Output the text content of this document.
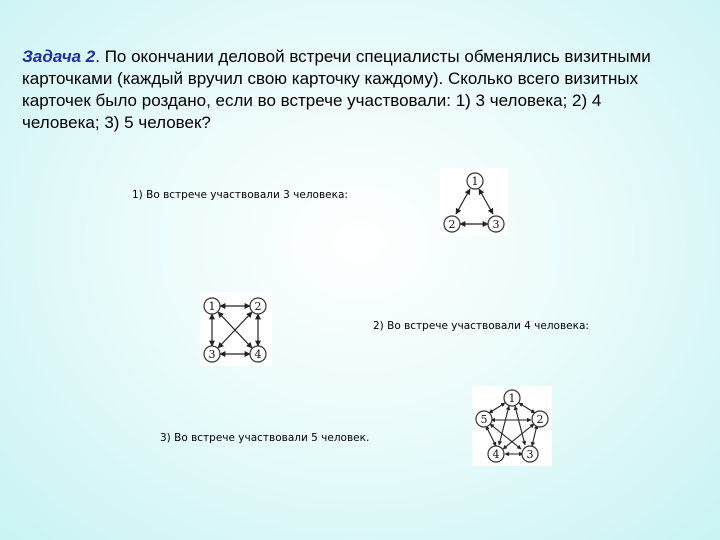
Задача 2. По окончании деловой встречи специалисты обменялись визитными карточками (каждый вручил свою карточку каждому). Сколько всего визитных карточек было роздано, если во встрече участвовали: 1) 3 человека; 2) 4 человека; 3) 5 человек?
1) Во встрече участвовали 3 человека:
2) Во встрече участвовали 4 человека:
3) Во встрече участвовали 5 человек.
1
2	3
1	2
3	4
1
2
3
4
5
